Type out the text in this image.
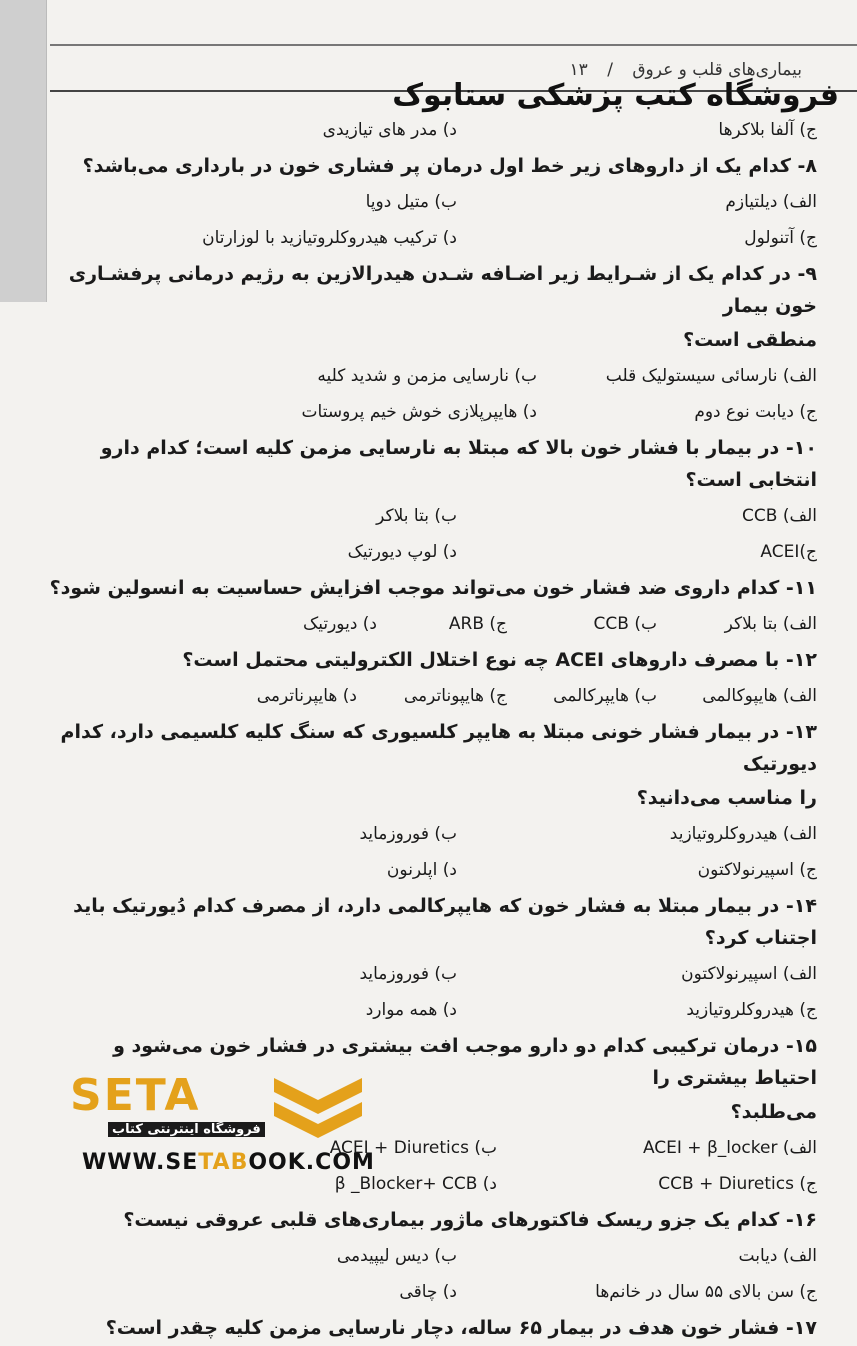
بیماری‌های قلب و عروق / ۱۳
فروشگاه کتب پزشکی ستابوک
ج) آلفا بلاکرها
د) مدر های تیازیدی
۸- کدام یک از داروهای زیر خط اول درمان پر فشاری خون در بارداری می‌باشد؟
الف) دیلتیازم
ب) متیل دوپا
ج) آتنولول
د) ترکیب هیدروکلروتیازید با لوزارتان
۹- در کدام یک از شـرایط زیر اضـافه شـدن هیدرالازین به رژیم درمانی پرفشـاری خون بیمار
منطقی است؟
الف) نارسائی سیستولیک قلب
ب) نارسایی مزمن و شدید کلیه
ج) دیابت نوع دوم
د) هایپرپلازی خوش خیم پروستات
۱۰- در بیمار با فشار خون بالا که مبتلا به نارسایی مزمن کلیه است؛ کدام دارو انتخابی است؟
الف) CCB
ب) بتا بلاکر
ج)ACEI
د) لوپ دیورتیک
۱۱- کدام داروی ضد فشار خون می‌تواند موجب افزایش حساسیت به انسولین شود؟
الف) بتا بلاکر
ب) CCB
ج) ARB
د) دیورتیک
۱۲- با مصرف داروهای ACEI چه نوع اختلال الکترولیتی محتمل است؟
الف) هایپوکالمی
ب) هایپرکالمی
ج) هایپوناترمی
د) هایپرناترمی
۱۳- در بیمار فشار خونی مبتلا به هایپر کلسیوری که سنگ کلیه کلسیمی دارد، کدام دیورتیک
را مناسب می‌دانید؟
الف) هیدروکلروتیازید
ب) فوروزماید
ج) اسپیرنولاکتون
د) اپلرنون
۱۴- در بیمار مبتلا به فشار خون که هایپرکالمی دارد، از مصرف کدام دُیورتیک باید اجتناب کرد؟
الف) اسپیرنولاکتون
ب) فوروزماید
ج) هیدروکلروتیازید
د) همه موارد
۱۵- درمان ترکیبی کدام دو دارو موجب افت بیشتری در فشار خون می‌شود و احتیاط بیشتری را
می‌طلبد؟
الف) ACEI + β_locker
ب) ACEI + Diuretics
ج) CCB + Diuretics
د) β _Blocker+ CCB
۱۶- کدام یک جزو ریسک فاکتورهای ماژور بیماری‌های قلبی عروقی نیست؟
الف) دیابت
ب) دیس لیپیدمی
ج) سن بالای ۵۵ سال در خانم‌ها
د) چاقی
۱۷- فشار خون هدف در بیمار ۶۵ ساله، دچار نارسایی مزمن کلیه چقدر است؟
SETA
فروشگاه اینترنتی کتاب
WWW.SETABOOK.COM
